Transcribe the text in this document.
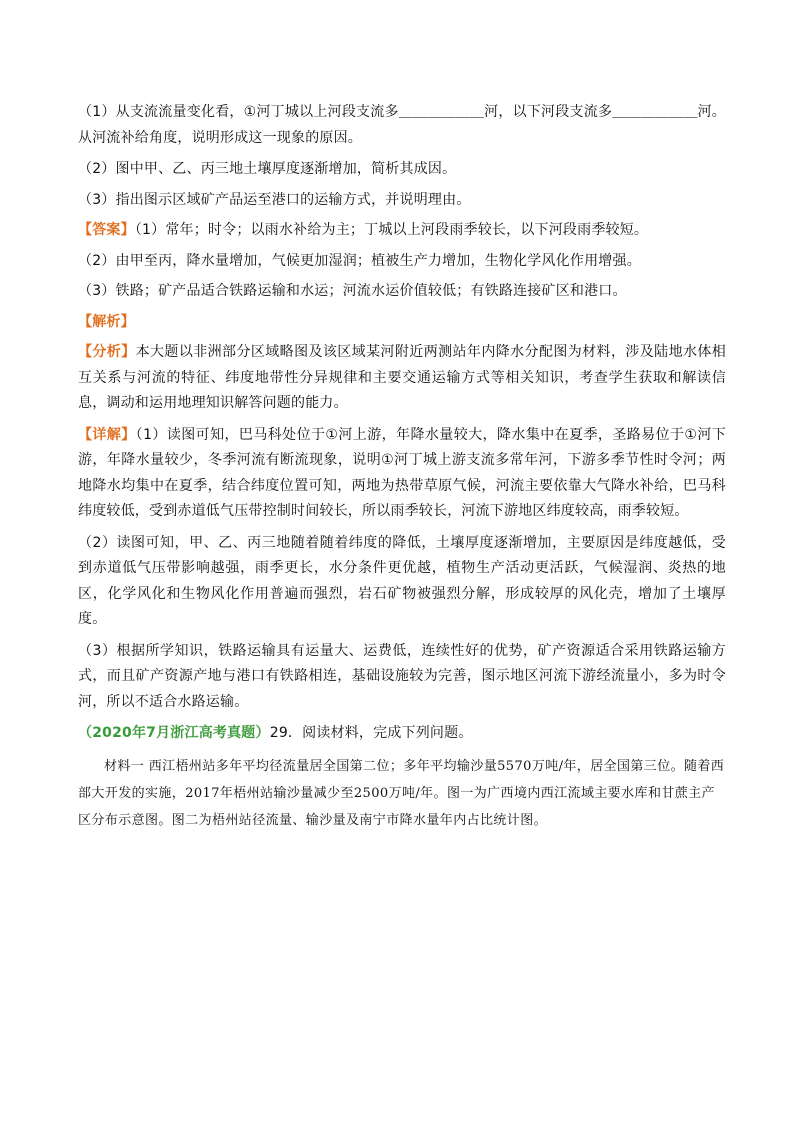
（1）从支流流量变化看，①河丁城以上河段支流多＿＿＿＿＿＿河，以下河段支流多＿＿＿＿＿＿河。从河流补给角度，说明形成这一现象的原因。

（2）图中甲、乙、丙三地土壤厚度逐渐增加，简析其成因。

（3）指出图示区域矿产品运至港口的运输方式，并说明理由。

【答案】（1）常年；时令；以雨水补给为主；丁城以上河段雨季较长，以下河段雨季较短。

（2）由甲至丙，降水量增加，气候更加湿润；植被生产力增加，生物化学风化作用增强。

（3）铁路；矿产品适合铁路运输和水运；河流水运价值较低；有铁路连接矿区和港口。

【解析】

【分析】本大题以非洲部分区域略图及该区域某河附近两测站年内降水分配图为材料，涉及陆地水体相互关系与河流的特征、纬度地带性分异规律和主要交通运输方式等相关知识，考查学生获取和解读信息，调动和运用地理知识解答问题的能力。

【详解】（1）读图可知，巴马科处位于①河上游，年降水量较大，降水集中在夏季，圣路易位于①河下游，年降水量较少，冬季河流有断流现象，说明①河丁城上游支流多常年河，下游多季节性时令河；两地降水均集中在夏季，结合纬度位置可知，两地为热带草原气候，河流主要依靠大气降水补给，巴马科纬度较低，受到赤道低气压带控制时间较长，所以雨季较长，河流下游地区纬度较高，雨季较短。

（2）读图可知，甲、乙、丙三地随着随着纬度的降低，土壤厚度逐渐增加，主要原因是纬度越低，受到赤道低气压带影响越强，雨季更长，水分条件更优越，植物生产活动更活跃，气候湿润、炎热的地区，化学风化和生物风化作用普遍而强烈，岩石矿物被强烈分解，形成较厚的风化壳，增加了土壤厚度。

（3）根据所学知识，铁路运输具有运量大、运费低，连续性好的优势，矿产资源适合采用铁路运输方式，而且矿产资源产地与港口有铁路相连，基础设施较为完善，图示地区河流下游经流量小，多为时令河，所以不适合水路运输。

（2020年7月浙江高考真题）29．阅读材料，完成下列问题。

材料一 西江梧州站多年平均径流量居全国第二位；多年平均输沙量5570万吨/年，居全国第三位。随着西部大开发的实施，2017年梧州站输沙量减少至2500万吨/年。图一为广西境内西江流域主要水库和甘蔗主产区分布示意图。图二为梧州站径流量、输沙量及南宁市降水量年内占比统计图。
